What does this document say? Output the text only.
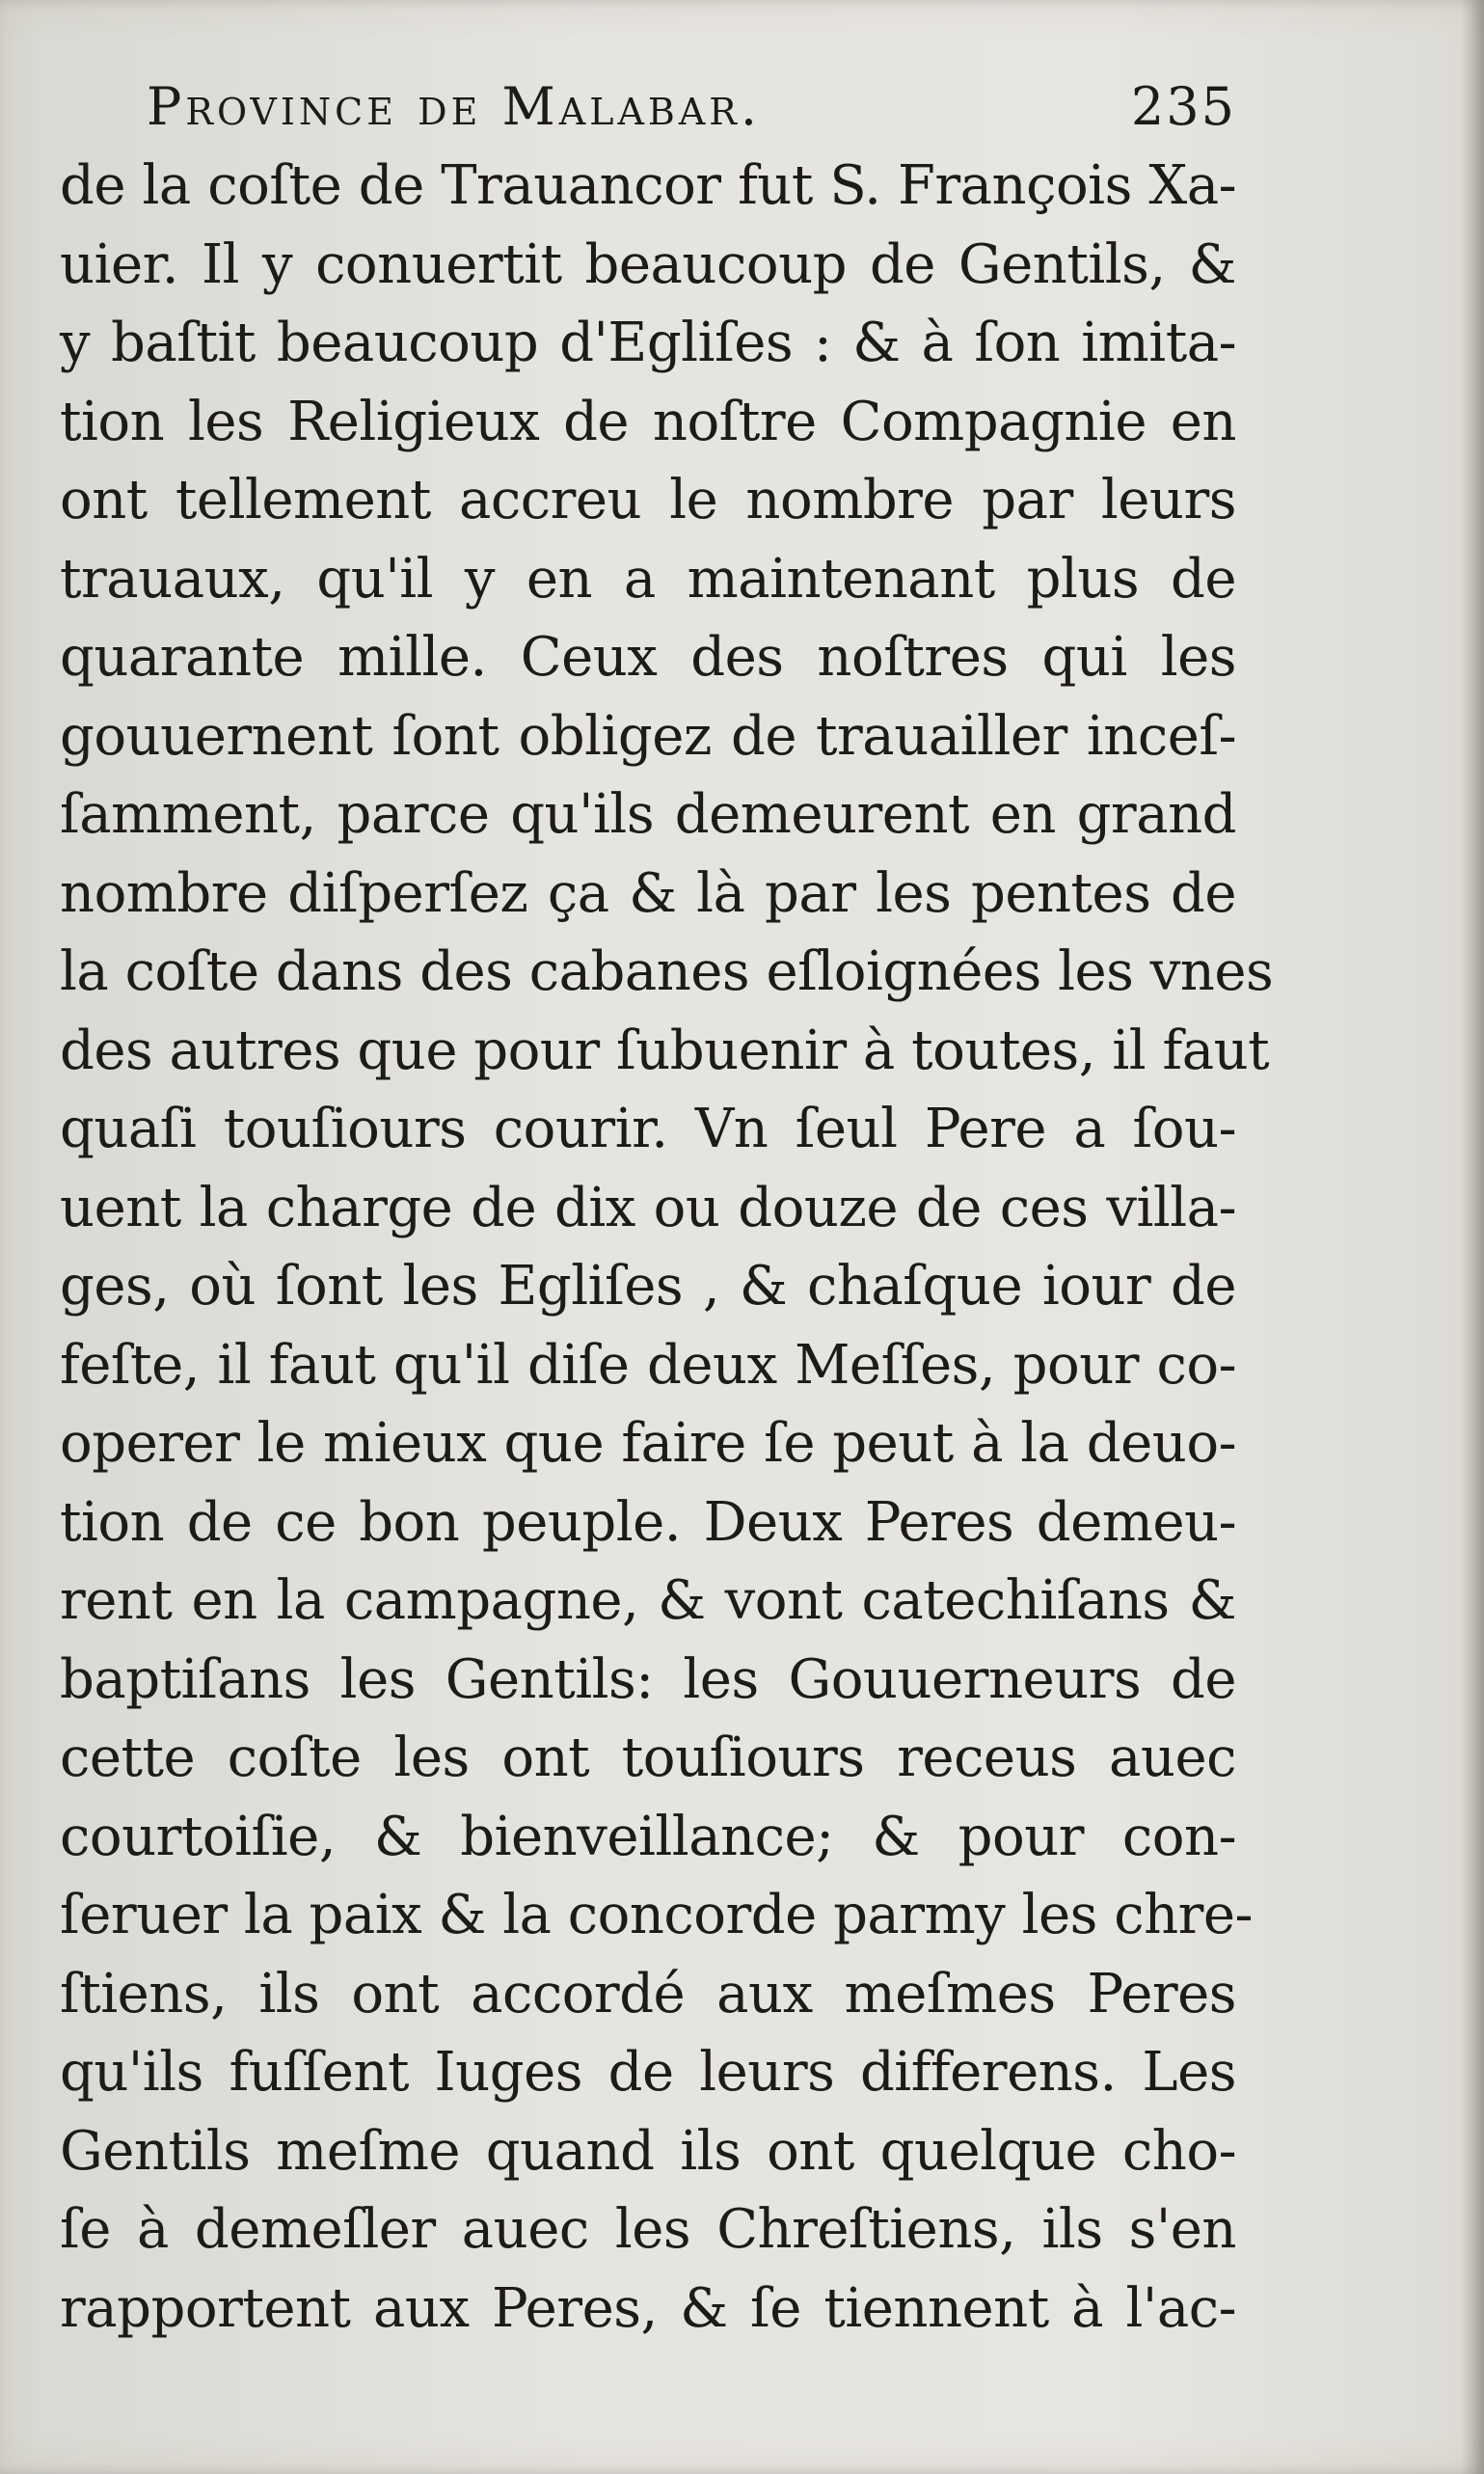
Province de Malabar.	235
de la coſte de Trauancor fut S. François Xa-
uier. Il y conuertit beaucoup de Gentils, &
y baſtit beaucoup d'Egliſes : & à ſon imita-
tion les Religieux de noſtre Compagnie en
ont tellement accreu le nombre par leurs
trauaux, qu'il y en a maintenant plus de
quarante mille. Ceux des noſtres qui les
gouuernent ſont obligez de trauailler inceſ-
ſamment, parce qu'ils demeurent en grand
nombre diſperſez ça & là par les pentes de
la coſte dans des cabanes eſloignées les vnes
des autres que pour ſubuenir à toutes, il faut
quaſi touſiours courir. Vn ſeul Pere a ſou-
uent la charge de dix ou douze de ces villa-
ges, où ſont les Egliſes , & chaſque iour de
feſte, il faut qu'il diſe deux Meſſes, pour co-
operer le mieux que faire ſe peut à la deuo-
tion de ce bon peuple. Deux Peres demeu-
rent en la campagne, & vont catechiſans &
baptiſans les Gentils: les Gouuerneurs de
cette coſte les ont touſiours receus auec
courtoiſie, & bienveillance; & pour con-
ſeruer la paix & la concorde parmy les chre-
ſtiens, ils ont accordé aux meſmes Peres
qu'ils fuſſent Iuges de leurs differens. Les
Gentils meſme quand ils ont quelque cho-
ſe à demeſler auec les Chreſtiens, ils s'en
rapportent aux Peres, & ſe tiennent à l'ac-
